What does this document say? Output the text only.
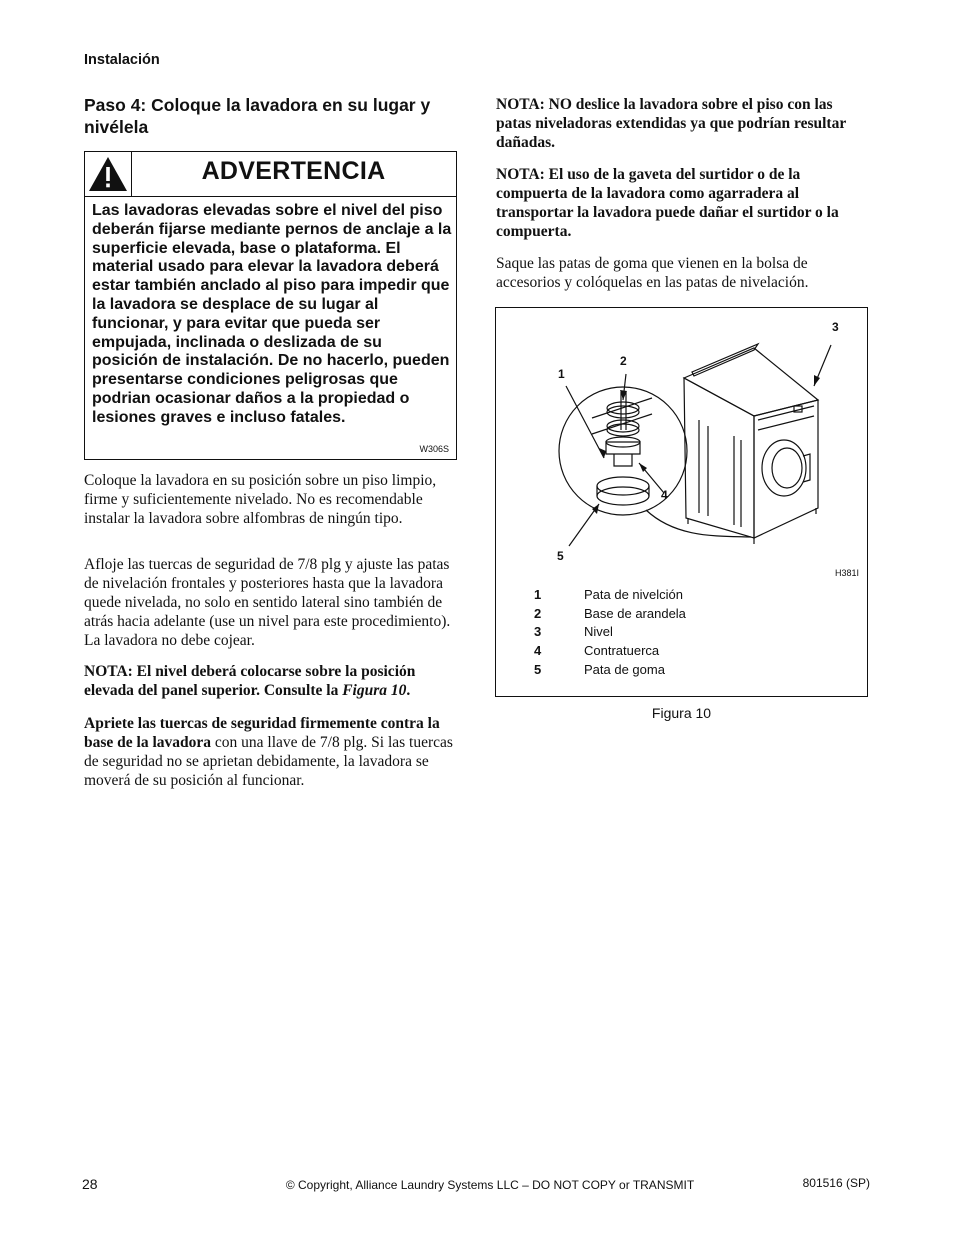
Instalación
Paso 4: Coloque la lavadora en su lugar y nivélela
ADVERTENCIA
Las lavadoras elevadas sobre el nivel del piso deberán fijarse mediante pernos de anclaje a la superficie elevada, base o plataforma. El material usado para elevar la lavadora deberá estar también anclado al piso para impedir que la lavadora se desplace de su lugar al funcionar, y para evitar que pueda ser empujada, inclinada o deslizada de su posición de instalación. De no hacerlo, pueden presentarse condiciones peligrosas que podrian ocasionar daños a la propiedad o lesiones graves e incluso fatales.
W306S
Coloque la lavadora en su posición sobre un piso limpio, firme y suficientemente nivelado. No es recomendable instalar la lavadora sobre alfombras de ningún tipo.
Afloje las tuercas de seguridad de 7/8 plg y ajuste las patas de nivelación frontales y posteriores hasta que la lavadora quede nivelada, no solo en sentido lateral sino también de atrás hacia adelante (use un nivel para este procedimiento). La lavadora no debe cojear.
NOTA: El nivel deberá colocarse sobre la posición elevada del panel superior. Consulte la Figura 10.
Apriete las tuercas de seguridad firmemente contra la base de la lavadora con una llave de 7/8 plg. Si las tuercas de seguridad no se aprietan debidamente, la lavadora se moverá de su posición al funcionar.
NOTA: NO deslice la lavadora sobre el piso con las patas niveladoras extendidas ya que podrían resultar dañadas.
NOTA: El uso de la gaveta del surtidor o de la compuerta de la lavadora como agarradera al transportar la lavadora puede dañar el surtidor o la compuerta.
Saque las patas de goma que vienen en la bolsa de accesorios y colóquelas en las patas de nivelación.
1
2
3
4
5
H381I
1	Pata de nivelción
2	Base de arandela
3	Nivel
4	Contratuerca
5	Pata de goma
Figura 10
28	© Copyright, Alliance Laundry Systems LLC – DO NOT COPY or TRANSMIT	801516 (SP)
